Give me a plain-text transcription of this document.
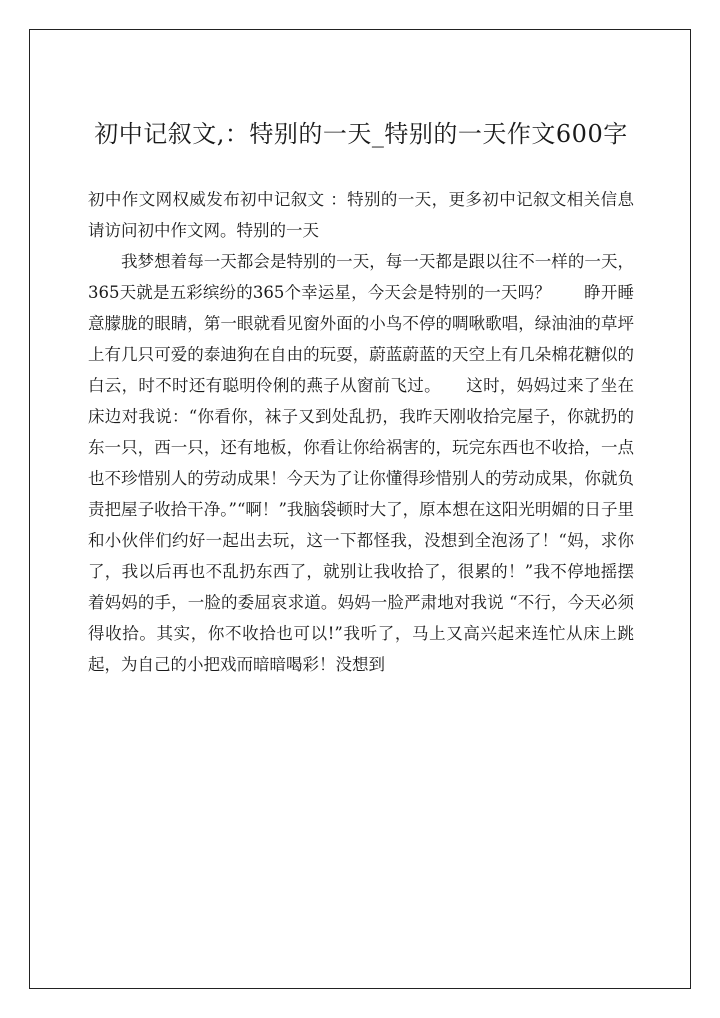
初中记叙文,：特别的一天_特别的一天作文600字

初中作文网权威发布初中记叙文 ：特别的一天，更多初中记叙文相关信息请访问初中作文网。特别的一天

我梦想着每一天都会是特别的一天，每一天都是跟以往不一样的一天，365天就是五彩缤纷的365个幸运星，今天会是特别的一天吗？　　睁开睡意朦胧的眼睛，第一眼就看见窗外面的小鸟不停的啁啾歌唱，绿油油的草坪上有几只可爱的泰迪狗在自由的玩耍，蔚蓝蔚蓝的天空上有几朵棉花糖似的白云，时不时还有聪明伶俐的燕子从窗前飞过。　　这时，妈妈过来了坐在床边对我说：“你看你，袜子又到处乱扔，我昨天刚收拾完屋子，你就扔的东一只，西一只，还有地板，你看让你给祸害的，玩完东西也不收拾，一点也不珍惜别人的劳动成果！今天为了让你懂得珍惜别人的劳动成果，你就负责把屋子收拾干净。”“啊！”我脑袋顿时大了，原本想在这阳光明媚的日子里和小伙伴们约好一起出去玩，这一下都怪我，没想到全泡汤了！“妈，求你了，我以后再也不乱扔东西了，就别让我收拾了，很累的！”我不停地摇摆着妈妈的手，一脸的委屈哀求道。妈妈一脸严肃地对我说 “不行，今天必须得收拾。其实，你不收拾也可以!”我听了，马上又高兴起来连忙从床上跳起，为自己的小把戏而暗暗喝彩！没想到
